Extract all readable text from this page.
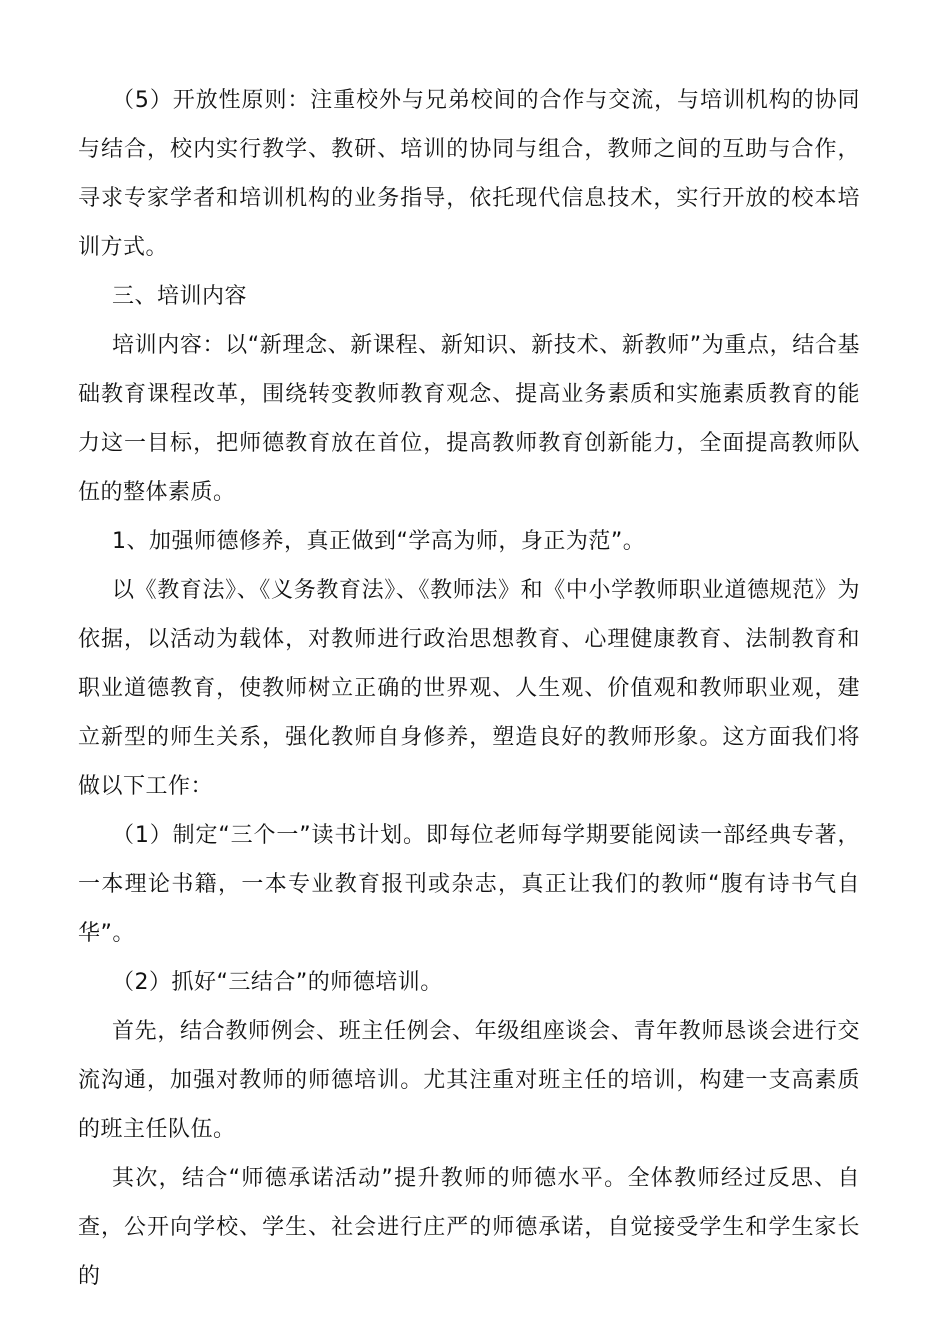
（5）开放性原则：注重校外与兄弟校间的合作与交流，与培训机构的协同与结合，校内实行教学、教研、培训的协同与组合，教师之间的互助与合作，寻求专家学者和培训机构的业务指导，依托现代信息技术，实行开放的校本培训方式。

三、培训内容

培训内容：以“新理念、新课程、新知识、新技术、新教师”为重点，结合基础教育课程改革，围绕转变教师教育观念、提高业务素质和实施素质教育的能力这一目标，把师德教育放在首位，提高教师教育创新能力，全面提高教师队伍的整体素质。

1、加强师德修养，真正做到“学高为师，身正为范”。

以《教育法》、《义务教育法》、《教师法》和《中小学教师职业道德规范》为依据，以活动为载体，对教师进行政治思想教育、心理健康教育、法制教育和职业道德教育，使教师树立正确的世界观、人生观、价值观和教师职业观，建立新型的师生关系，强化教师自身修养，塑造良好的教师形象。这方面我们将做以下工作：

（1）制定“三个一”读书计划。即每位老师每学期要能阅读一部经典专著，一本理论书籍，一本专业教育报刊或杂志，真正让我们的教师“腹有诗书气自华”。

（2）抓好“三结合”的师德培训。

首先，结合教师例会、班主任例会、年级组座谈会、青年教师恳谈会进行交流沟通，加强对教师的师德培训。尤其注重对班主任的培训，构建一支高素质的班主任队伍。

其次，结合“师德承诺活动”提升教师的师德水平。全体教师经过反思、自查，公开向学校、学生、社会进行庄严的师德承诺，自觉接受学生和学生家长的
